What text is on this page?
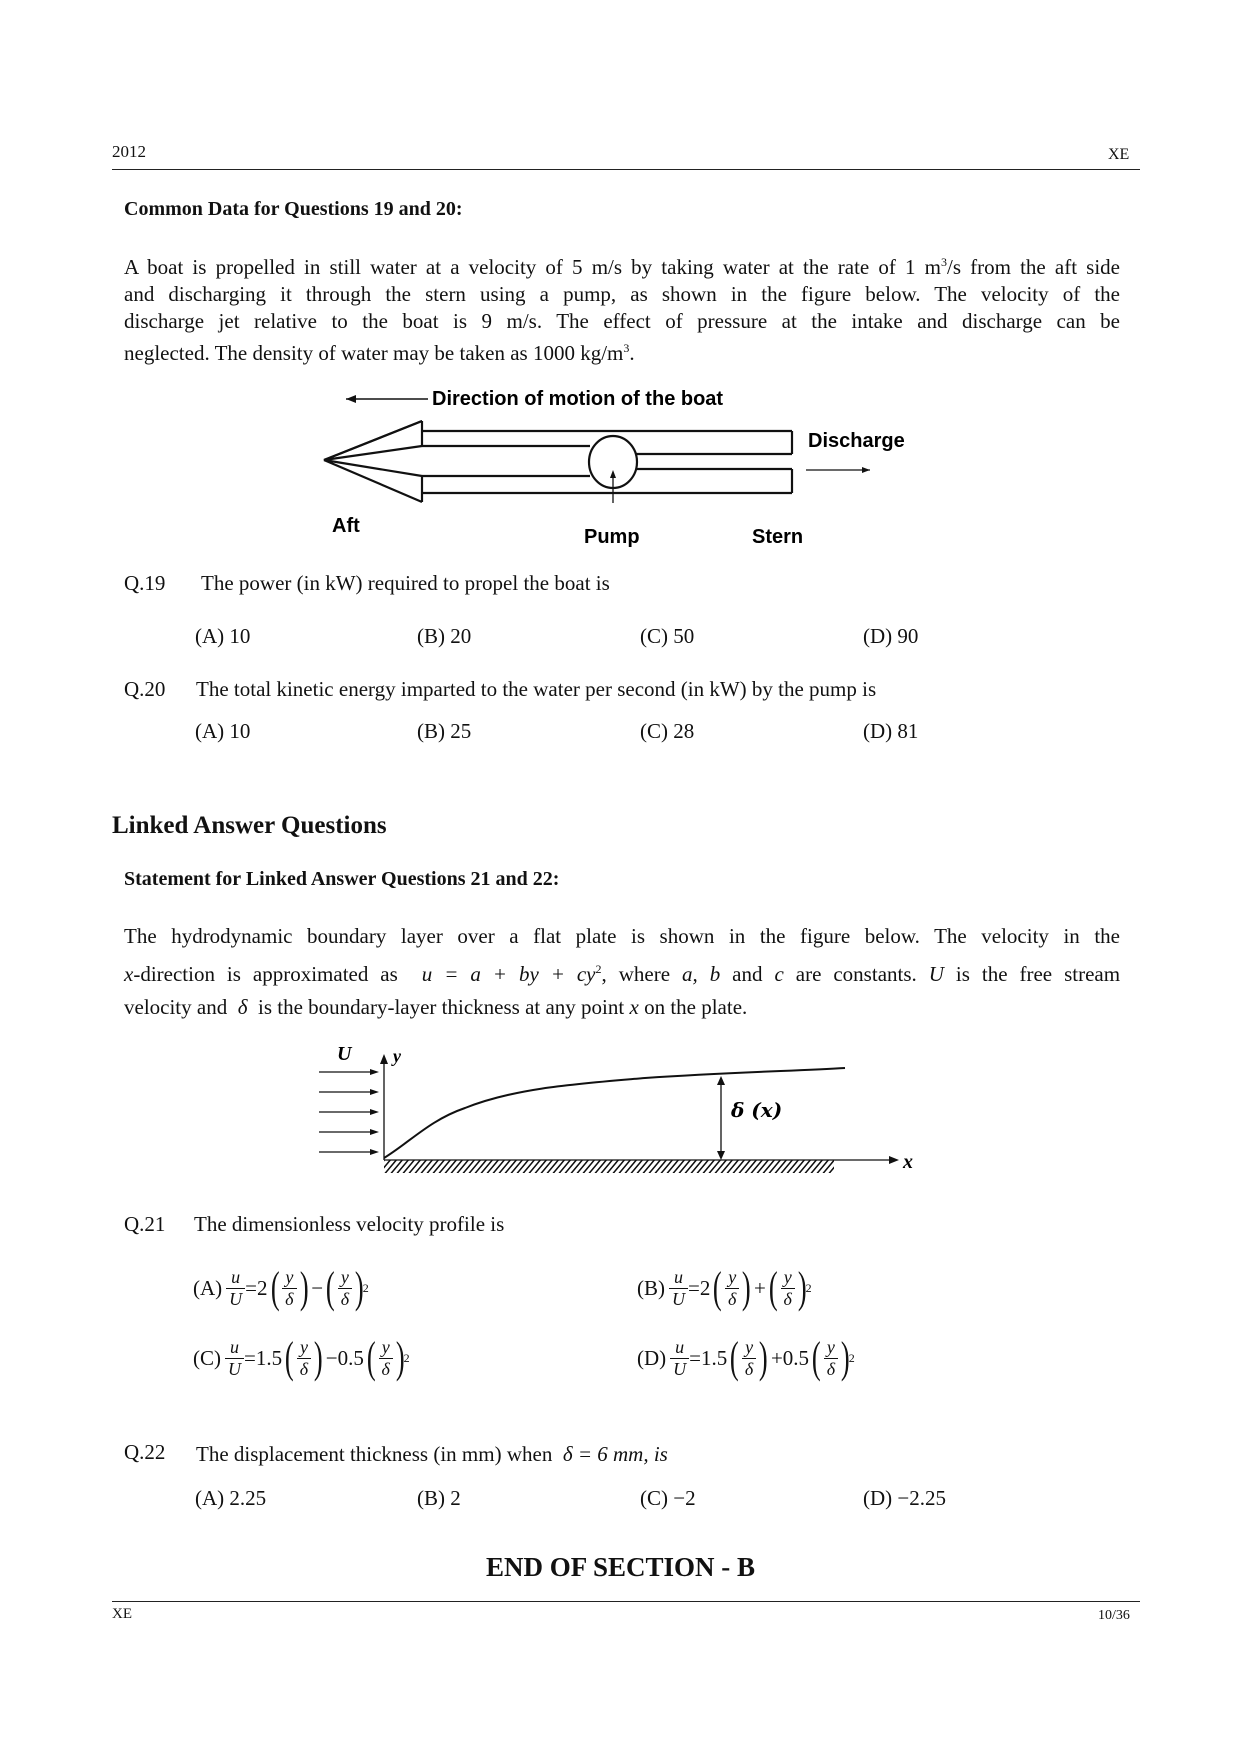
2012	XE
Common Data for Questions 19 and 20:
A boat is propelled in still water at a velocity of 5 m/s by taking water at the rate of 1 $m^3/s$ from the aft side
and discharging it through the stern using a pump, as shown in the figure below. The velocity of the
discharge jet relative to the boat is 9 m/s. The effect of pressure at the intake and discharge can be
neglected. The density of water may be taken as 1000 $kg/m^3$.
Direction of motion of the boat
Discharge
Aft	Pump	Stern
Q.19 The power (in kW) required to propel the boat is
(A) 10	(B) 20	(C) 50	(D) 90
Q.20 The total kinetic energy imparted to the water per second (in kW) by the pump is
(A) 10	(B) 25	(C) 28	(D) 81
Linked Answer Questions
Statement for Linked Answer Questions 21 and 22:
The hydrodynamic boundary layer over a flat plate is shown in the figure below. The velocity in the
x-direction is approximated as u = a + by + $cy^2$, where a, b and c are constants. U is the free stream
velocity and δ is the boundary-layer thickness at any point x on the plate.
U y
x
δ (x)
Q.21 The dimensionless velocity profile is
(A)
$\frac{u}{U} = 2$ ( $\frac{y}{\delta}$ ) − ( $\frac{y}{\delta}$ )
2	(B)
$\frac{u}{U} = 2$ ( $\frac{y}{\delta}$ ) + ( $\frac{y}{\delta}$ )
2
(C)
$\frac{u}{U} = 1.5$ ( $\frac{y}{\delta}$ ) − 0.5 ( $\frac{y}{\delta}$ )
2	(D)
$\frac{u}{U} = 1.5$ ( $\frac{y}{\delta}$ ) + 0.5 ( $\frac{y}{\delta}$ )
2
Q.22 The displacement thickness (in mm) when δ = 6 mm, is
(A) 2.25	(B) 2	(C) −2	(D) −2.25
END OF SECTION - B
XE	10/36
